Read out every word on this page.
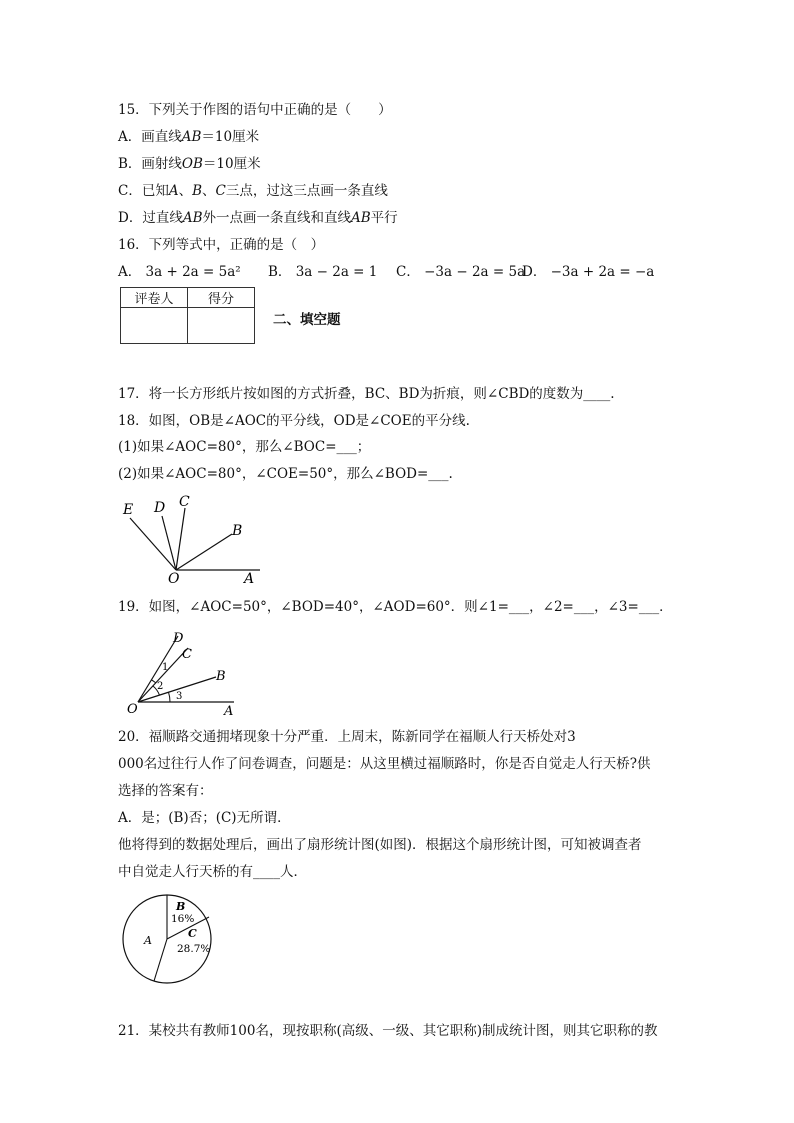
15．下列关于作图的语句中正确的是（　　）
A．画直线AB＝10厘米
B．画射线OB＝10厘米
C．已知A、B、C三点，过这三点画一条直线
D．过直线AB外一点画一条直线和直线AB平行
16．下列等式中，正确的是（　）
A． 3a + 2a = 5a² B． 3a − 2a = 1 C． −3a − 2a = 5a
D． −3a + 2a = −a
评卷人	得分

二、填空题
17．将一长方形纸片按如图的方式折叠，BC、BD为折痕，则∠CBD的度数为____.
18．如图，OB是∠AOC的平分线，OD是∠COE的平分线.
(1)如果∠AOC=80°，那么∠BOC=___；
(2)如果∠AOC=80°，∠COE=50°，那么∠BOD=___.
E D C
B
O	A
19．如图，∠AOC=50°，∠BOD=40°，∠AOD=60°．则∠1=___，∠2=___，∠3=___．
D
C
B
O	A
1
2
3
20．福顺路交通拥堵现象十分严重．上周末，陈新同学在福顺人行天桥处对3
000名过往行人作了问卷调查，问题是：从这里横过福顺路时，你是否自觉走人行天桥?供
选择的答案有：
A．是；(B)否；(C)无所谓．
他将得到的数据处理后，画出了扇形统计图(如图)．根据这个扇形统计图，可知被调查者
中自觉走人行天桥的有____人．
B
16%
C
28.7%
A
21．某校共有教师100名，现按职称(高级、一级、其它职称)制成统计图，则其它职称的教
